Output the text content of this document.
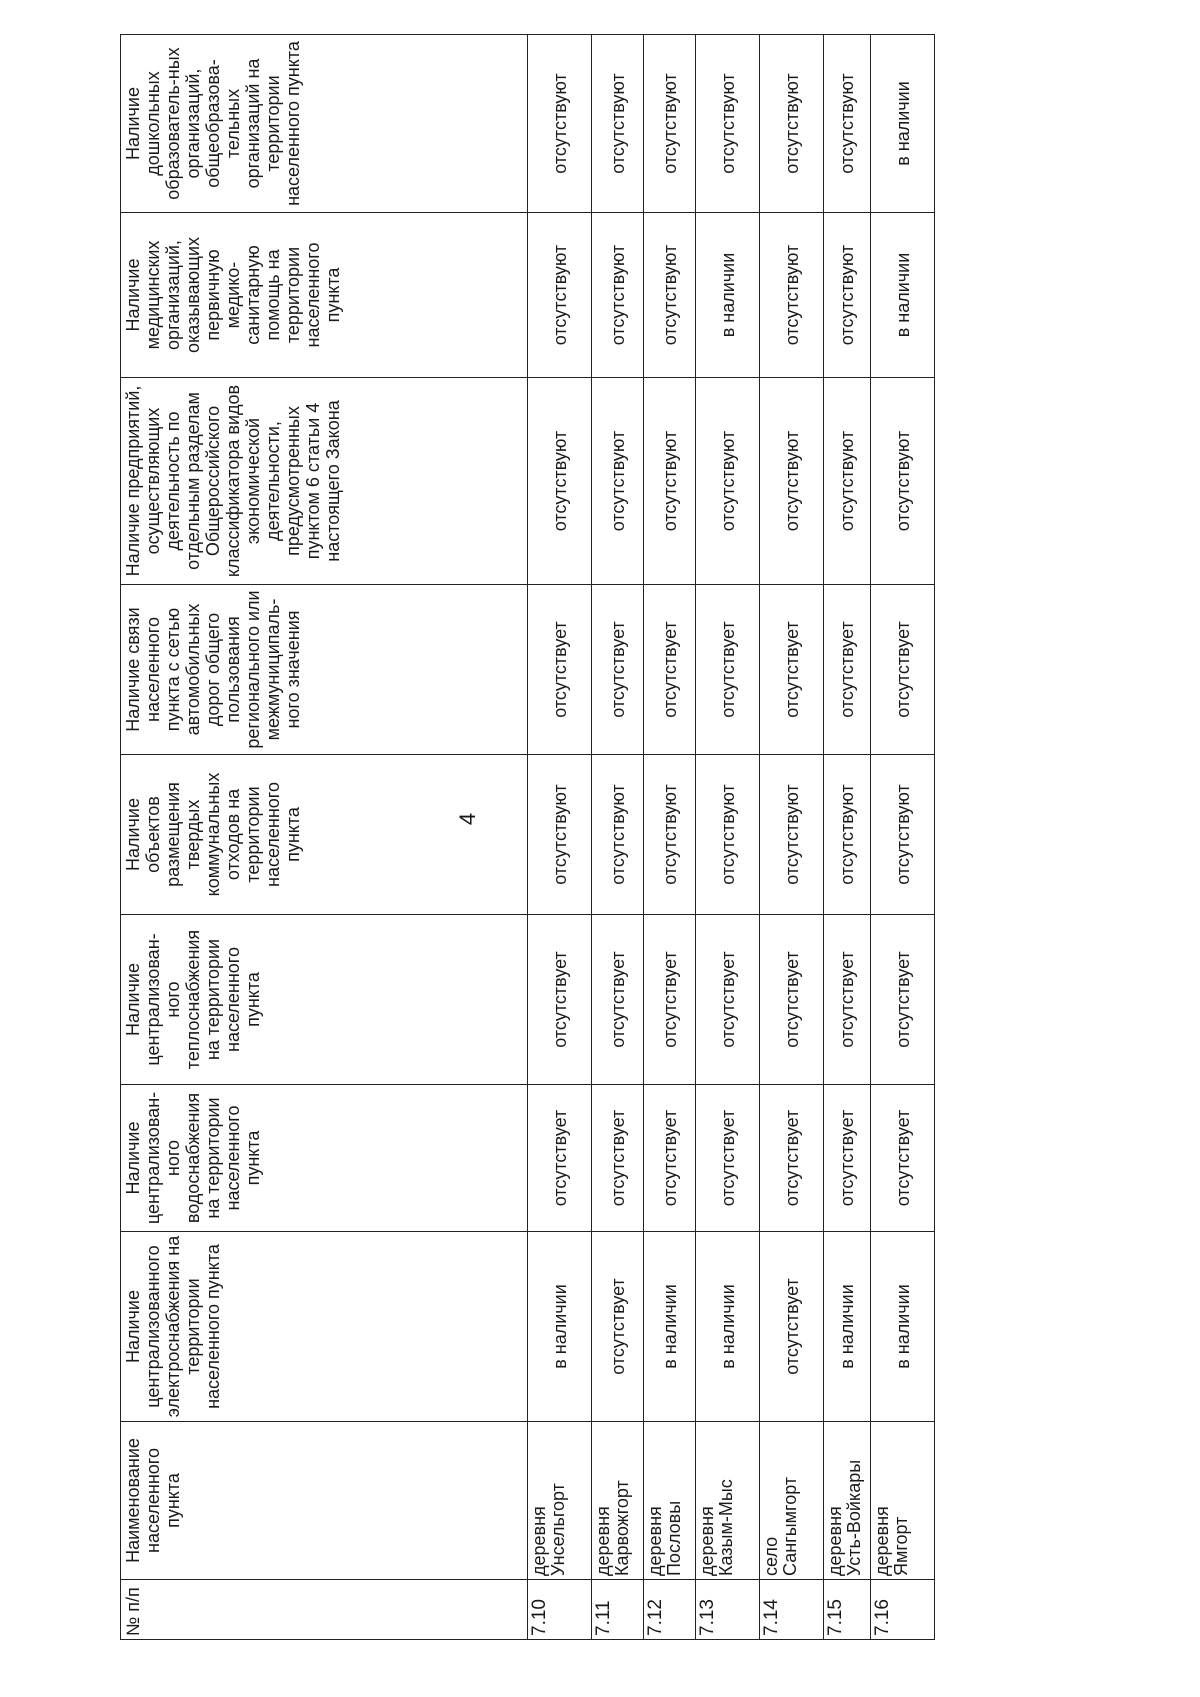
4
№ п/п	Наименование населенного пункта	Наличие централизованного электроснабжения на территории населенного пункта	Наличие централизован-ного водоснабжения на территории населенного пункта	Наличие централизован-ного теплоснабжения на территории населенного пункта	Наличие объектов размещения твердых коммунальных отходов на территории населенного пункта	Наличие связи населенного пункта с сетью автомобильных дорог общего пользования регионального или межмуниципаль-ного значения	Наличие предприятий, осуществляющих деятельность по отдельным разделам Общероссийского классификатора видов экономической деятельности, предусмотренных пунктом 6 статьи 4 настоящего Закона	Наличие медицинских организаций, оказывающих первичную медико-санитарную помощь на территории населенного пункта	Наличие дошкольных образователь-ных организаций, общеобразова-тельных организаций на территории населенного пункта
7.10	деревня Унсельгорт	в наличии	отсутствует	отсутствует	отсутствуют	отсутствует	отсутствуют	отсутствуют	отсутствуют
7.11	деревня Карвожгорт	отсутствует	отсутствует	отсутствует	отсутствуют	отсутствует	отсутствуют	отсутствуют	отсутствуют
7.12	деревня Пословы	в наличии	отсутствует	отсутствует	отсутствуют	отсутствует	отсутствуют	отсутствуют	отсутствуют
7.13	деревня Казым-Мыс	в наличии	отсутствует	отсутствует	отсутствуют	отсутствует	отсутствуют	в наличии	отсутствуют
7.14	село Сангымгорт	отсутствует	отсутствует	отсутствует	отсутствуют	отсутствует	отсутствуют	отсутствуют	отсутствуют
7.15	деревня Усть-Войкары	в наличии	отсутствует	отсутствует	отсутствуют	отсутствует	отсутствуют	отсутствуют	отсутствуют
7.16	деревня Ямгорт	в наличии	отсутствует	отсутствует	отсутствуют	отсутствует	отсутствуют	в наличии	в наличии
